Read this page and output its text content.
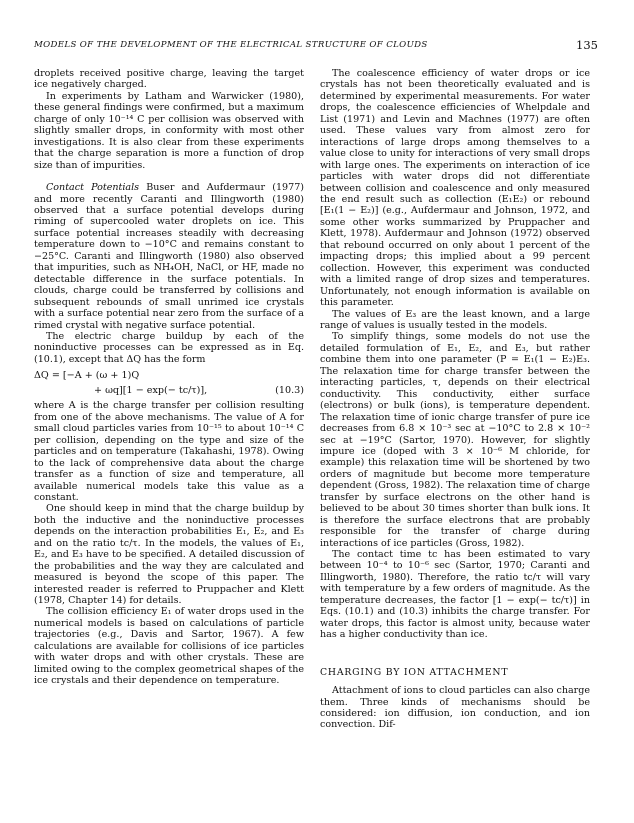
MODELS OF THE DEVELOPMENT OF THE ELECTRICAL STRUCTURE OF CLOUDS	135

droplets received positive charge, leaving the target ice negatively charged.

In experiments by Latham and Warwicker (1980), these general findings were confirmed, but a maximum charge of only 10⁻¹⁴ C per collision was observed with slightly smaller drops, in conformity with most other investigations. It is also clear from these experiments that the charge separation is more a function of drop size than of impurities.

Contact Potentials Buser and Aufdermaur (1977) and more recently Caranti and Illingworth (1980) observed that a surface potential develops during riming of supercooled water droplets on ice. This surface potential increases steadily with decreasing temperature down to −10°C and remains constant to −25°C. Caranti and Illingworth (1980) also observed that impurities, such as NH₄OH, NaCl, or HF, made no detectable difference in the surface potentials. In clouds, charge could be transferred by collisions and subsequent rebounds of small unrimed ice crystals with a surface potential near zero from the surface of a rimed crystal with negative surface potential.

The electric charge buildup by each of the noninductive processes can be expressed as in Eq. (10.1), except that ΔQ has the form

ΔQ = [−A + (ω + 1)Q
+ ωq][1 − exp(− tc/τ)],	(10.3)

where A is the charge transfer per collision resulting from one of the above mechanisms. The value of A for small cloud particles varies from 10⁻¹⁵ to about 10⁻¹⁴ C per collision, depending on the type and size of the particles and on temperature (Takahashi, 1978). Owing to the lack of comprehensive data about the charge transfer as a function of size and temperature, all available numerical models take this value as a constant.

One should keep in mind that the charge buildup by both the inductive and the noninductive processes depends on the interaction probabilities E₁, E₂, and E₃ and on the ratio tc/τ. In the models, the values of E₁, E₂, and E₃ have to be specified. A detailed discussion of the probabilities and the way they are calculated and measured is beyond the scope of this paper. The interested reader is referred to Pruppacher and Klett (1978, Chapter 14) for details.

The collision efficiency E₁ of water drops used in the numerical models is based on calculations of particle trajectories (e.g., Davis and Sartor, 1967). A few calculations are available for collisions of ice particles with water drops and with other crystals. These are limited owing to the complex geometrical shapes of the ice crystals and their dependence on temperature.

The coalescence efficiency of water drops or ice crystals has not been theoretically evaluated and is determined by experimental measurements. For water drops, the coalescence efficiencies of Whelpdale and List (1971) and Levin and Machnes (1977) are often used. These values vary from almost zero for interactions of large drops among themselves to a value close to unity for interactions of very small drops with large ones. The experiments on interaction of ice particles with water drops did not differentiate between collision and coalescence and only measured the end result such as collection (E₁E₂) or rebound [E₁(1 − E₂)] (e.g., Aufdermaur and Johnson, 1972, and some other works summarized by Pruppacher and Klett, 1978). Aufdermaur and Johnson (1972) observed that rebound occurred on only about 1 percent of the impacting drops; this implied about a 99 percent collection. However, this experiment was conducted with a limited range of drop sizes and temperatures. Unfortunately, not enough information is available on this parameter.

The values of E₃ are the least known, and a large range of values is usually tested in the models.

To simplify things, some models do not use the detailed formulation of E₁, E₂, and E₃, but rather combine them into one parameter (P = E₁(1 − E₂)E₃. The relaxation time for charge transfer between the interacting particles, τ, depends on their electrical conductivity. This conductivity, either surface (electrons) or bulk (ions), is temperature dependent. The relaxation time of ionic charge transfer of pure ice decreases from 6.8 × 10⁻³ sec at −10°C to 2.8 × 10⁻² sec at −19°C (Sartor, 1970). However, for slightly impure ice (doped with 3 × 10⁻⁶ M chloride, for example) this relaxation time will be shortened by two orders of magnitude but become more temperature dependent (Gross, 1982). The relaxation time of charge transfer by surface electrons on the other hand is believed to be about 30 times shorter than bulk ions. It is therefore the surface electrons that are probably responsible for the transfer of charge during interactions of ice particles (Gross, 1982).

The contact time tc has been estimated to vary between 10⁻⁴ to 10⁻⁶ sec (Sartor, 1970; Caranti and Illingworth, 1980). Therefore, the ratio tc/τ will vary with temperature by a few orders of magnitude. As the temperature decreases, the factor [1 − exp(− tc/τ)] in Eqs. (10.1) and (10.3) inhibits the charge transfer. For water drops, this factor is almost unity, because water has a higher conductivity than ice.

CHARGING BY ION ATTACHMENT

Attachment of ions to cloud particles can also charge them. Three kinds of mechanisms should be considered: ion diffusion, ion conduction, and ion convection. Dif-
